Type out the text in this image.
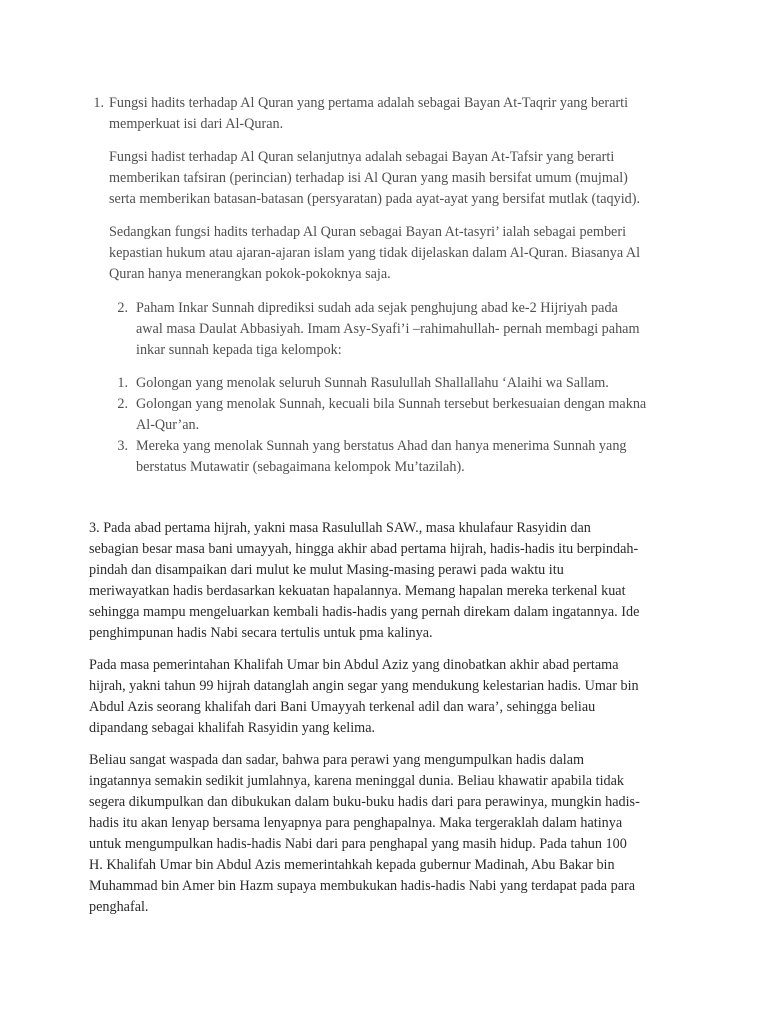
1. Fungsi hadits terhadap Al Quran yang pertama adalah sebagai Bayan At-Taqrir yang berarti
memperkuat isi dari Al-Quran.
Fungsi hadist terhadap Al Quran selanjutnya adalah sebagai Bayan At-Tafsir yang berarti
memberikan tafsiran (perincian) terhadap isi Al Quran yang masih bersifat umum (mujmal)
serta memberikan batasan-batasan (persyaratan) pada ayat-ayat yang bersifat mutlak (taqyid).
Sedangkan fungsi hadits terhadap Al Quran sebagai Bayan At-tasyri’ ialah sebagai pemberi
kepastian hukum atau ajaran-ajaran islam yang tidak dijelaskan dalam Al-Quran. Biasanya Al
Quran hanya menerangkan pokok-pokoknya saja.
2. Paham Inkar Sunnah diprediksi sudah ada sejak penghujung abad ke-2 Hijriyah pada
awal masa Daulat Abbasiyah. Imam Asy-Syafi’i –rahimahullah- pernah membagi paham
inkar sunnah kepada tiga kelompok:
1. Golongan yang menolak seluruh Sunnah Rasulullah Shallallahu ‘Alaihi wa Sallam.
2. Golongan yang menolak Sunnah, kecuali bila Sunnah tersebut berkesuaian dengan makna
Al-Qur’an.
3. Mereka yang menolak Sunnah yang berstatus Ahad dan hanya menerima Sunnah yang
berstatus Mutawatir (sebagaimana kelompok Mu’tazilah).
3. Pada abad pertama hijrah, yakni masa Rasulullah SAW., masa khulafaur Rasyidin dan
sebagian besar masa bani umayyah, hingga akhir abad pertama hijrah, hadis-hadis itu berpindah-
pindah dan disampaikan dari mulut ke mulut Masing-masing perawi pada waktu itu
meriwayatkan hadis berdasarkan kekuatan hapalannya. Memang hapalan mereka terkenal kuat
sehingga mampu mengeluarkan kembali hadis-hadis yang pernah direkam dalam ingatannya. Ide
penghimpunan hadis Nabi secara tertulis untuk pma kalinya.
Pada masa pemerintahan Khalifah Umar bin Abdul Aziz yang dinobatkan akhir abad pertama
hijrah, yakni tahun 99 hijrah datanglah angin segar yang mendukung kelestarian hadis. Umar bin
Abdul Azis seorang khalifah dari Bani Umayyah terkenal adil dan wara’, sehingga beliau
dipandang sebagai khalifah Rasyidin yang kelima.
Beliau sangat waspada dan sadar, bahwa para perawi yang mengumpulkan hadis dalam
ingatannya semakin sedikit jumlahnya, karena meninggal dunia. Beliau khawatir apabila tidak
segera dikumpulkan dan dibukukan dalam buku-buku hadis dari para perawinya, mungkin hadis-
hadis itu akan lenyap bersama lenyapnya para penghapalnya. Maka tergeraklah dalam hatinya
untuk mengumpulkan hadis-hadis Nabi dari para penghapal yang masih hidup. Pada tahun 100
H. Khalifah Umar bin Abdul Azis memerintahkah kepada gubernur Madinah, Abu Bakar bin
Muhammad bin Amer bin Hazm supaya membukukan hadis-hadis Nabi yang terdapat pada para
penghafal.
